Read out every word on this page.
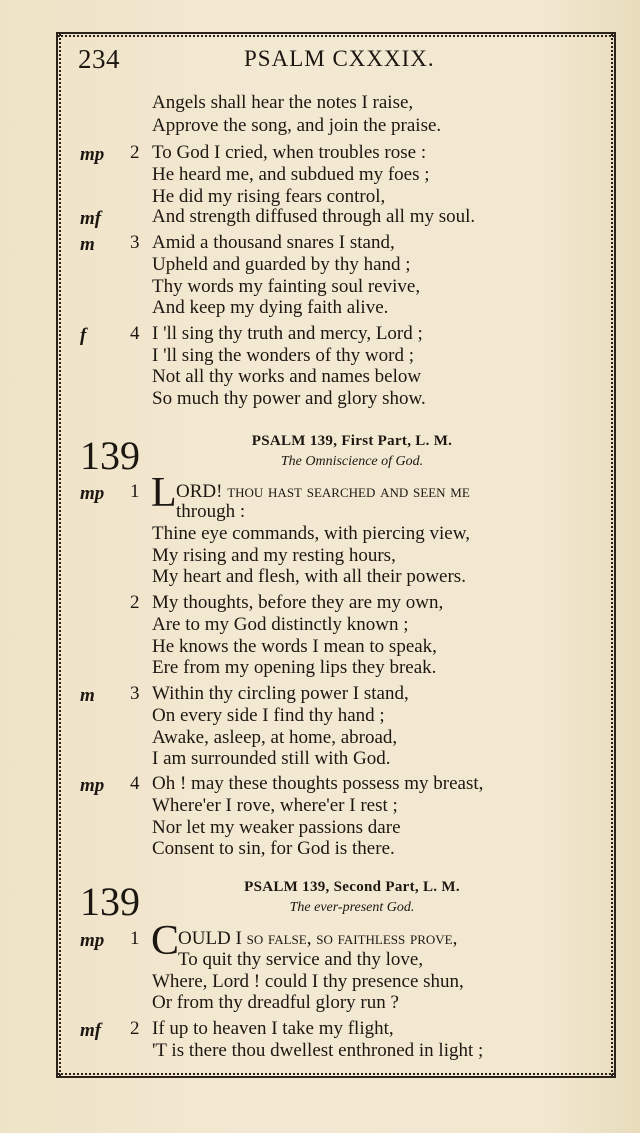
234	PSALM CXXXIX.
Angels shall hear the notes I raise,
Approve the song, and join the praise.
mp 2 To God I cried, when troubles rose :
He heard me, and subdued my foes ;
He did my rising fears control,
mf	And strength diffused through all my soul.
m 3 Amid a thousand snares I stand,
Upheld and guarded by thy hand ;
Thy words my fainting soul revive,
And keep my dying faith alive.
f 4 I 'll sing thy truth and mercy, Lord ;
I 'll sing the wonders of thy word ;
Not all thy works and names below
So much thy power and glory show.
139	PSALM 139, First Part, L. M.
The Omniscience of God.
mp 1 L ORD! thou hast searched and seen me
through :
Thine eye commands, with piercing view,
My rising and my resting hours,
My heart and flesh, with all their powers.
2 My thoughts, before they are my own,
Are to my God distinctly known ;
He knows the words I mean to speak,
Ere from my opening lips they break.
m 3 Within thy circling power I stand,
On every side I find thy hand ;
Awake, asleep, at home, abroad,
I am surrounded still with God.
mp 4 Oh ! may these thoughts possess my breast,
Where'er I rove, where'er I rest ;
Nor let my weaker passions dare
Consent to sin, for God is there.
139	PSALM 139, Second Part, L. M.
The ever-present God.
mp 1 C
OULD I so false, so faithless prove,
To quit thy service and thy love,
Where, Lord ! could I thy presence shun,
Or from thy dreadful glory run ?
mf 2 If up to heaven I take my flight,
'T is there thou dwellest enthroned in light ;
